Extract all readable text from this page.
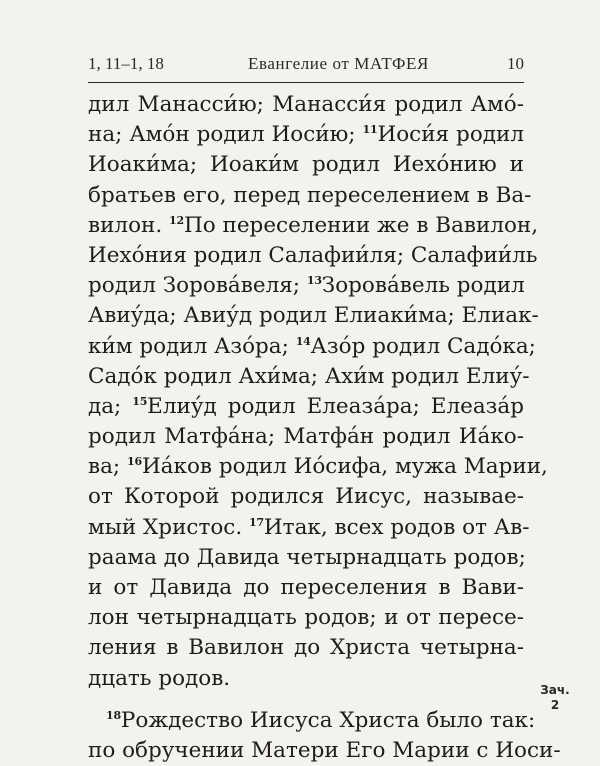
1, 11–1, 18	Евангелие от МАТФЕЯ	10
дил Манасси́ю; Манасси́я родил Амо́-
на; Амо́н родил Иоси́ю; $^{11}$Иоси́я родил
Иоаки́ма; Иоаки́м родил Иехо́нию и
братьев его, перед переселением в Ва-
вилон. $^{12}$По переселении же в Вавилон,
Иехо́ния родил Салафии́ля; Салафии́ль
родил Зорова́веля; $^{13}$Зорова́вель родил
Авиу́да; Авиу́д родил Елиаки́ма; Елиак-
ки́м родил Азо́ра; $^{14}$Азо́р родил Садо́ка;
Садо́к родил Ахи́ма; Ахи́м родил Елиу́-
да; $^{15}$Елиу́д родил Елеаза́ра; Елеаза́р
родил Матфа́на; Матфа́н родил Иа́ко-
ва; $^{16}$Иа́ков родил Ио́сифа, мужа Марии,
от Которой родился Иисус, называе-
мый Христос. $^{17}$Итак, всех родов от Ав-
раама до Давида четырнадцать родов;
и от Давида до переселения в Вави-
лон четырнадцать родов; и от пересе-
ления в Вавилон до Христа четырна-
дцать родов.
$^{18}$Рождество Иисуса Христа было так:
по обручении Матери Его Марии с Иоси-
Зач.
2
